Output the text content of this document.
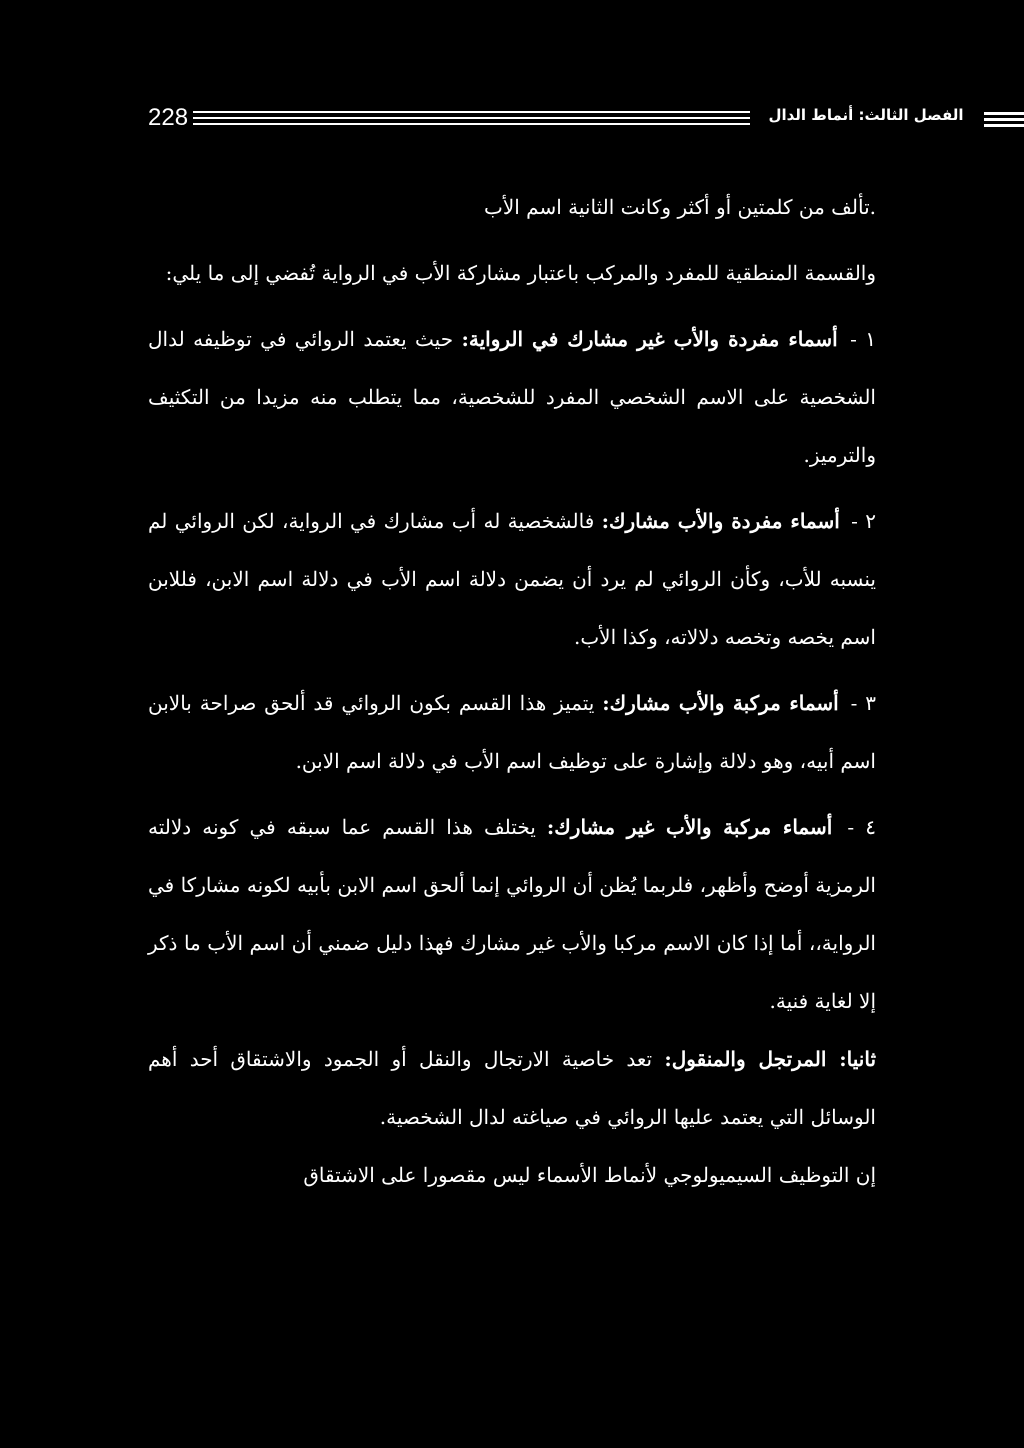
228	الفصل الثالث: أنماط الدال

.تألف من كلمتين أو أكثر وكانت الثانية اسم الأب

والقسمة المنطقية للمفرد والمركب باعتبار مشاركة الأب في الرواية تُفضي إلى ما يلي:

١ - أسماء مفردة والأب غير مشارك في الرواية: حيث يعتمد الروائي في توظيفه لدال الشخصية على الاسم الشخصي المفرد للشخصية، مما يتطلب منه مزيدا من التكثيف والترميز.

٢ - أسماء مفردة والأب مشارك: فالشخصية له أب مشارك في الرواية، لكن الروائي لم ينسبه للأب، وكأن الروائي لم يرد أن يضمن دلالة اسم الأب في دلالة اسم الابن، فللابن اسم يخصه وتخصه دلالاته، وكذا الأب.

٣ - أسماء مركبة والأب مشارك: يتميز هذا القسم بكون الروائي قد ألحق صراحة بالابن اسم أبيه، وهو دلالة وإشارة على توظيف اسم الأب في دلالة اسم الابن.

٤ - أسماء مركبة والأب غير مشارك: يختلف هذا القسم عما سبقه في كونه دلالته الرمزية أوضح وأظهر، فلربما يُظن أن الروائي إنما ألحق اسم الابن بأبيه لكونه مشاركا في الرواية،، أما إذا كان الاسم مركبا والأب غير مشارك فهذا دليل ضمني أن اسم الأب ما ذكر إلا لغاية فنية.

ثانيا: المرتجل والمنقول: تعد خاصية الارتجال والنقل أو الجمود والاشتقاق أحد أهم الوسائل التي يعتمد عليها الروائي في صياغته لدال الشخصية.

إن التوظيف السيميولوجي لأنماط الأسماء ليس مقصورا على الاشتقاق
